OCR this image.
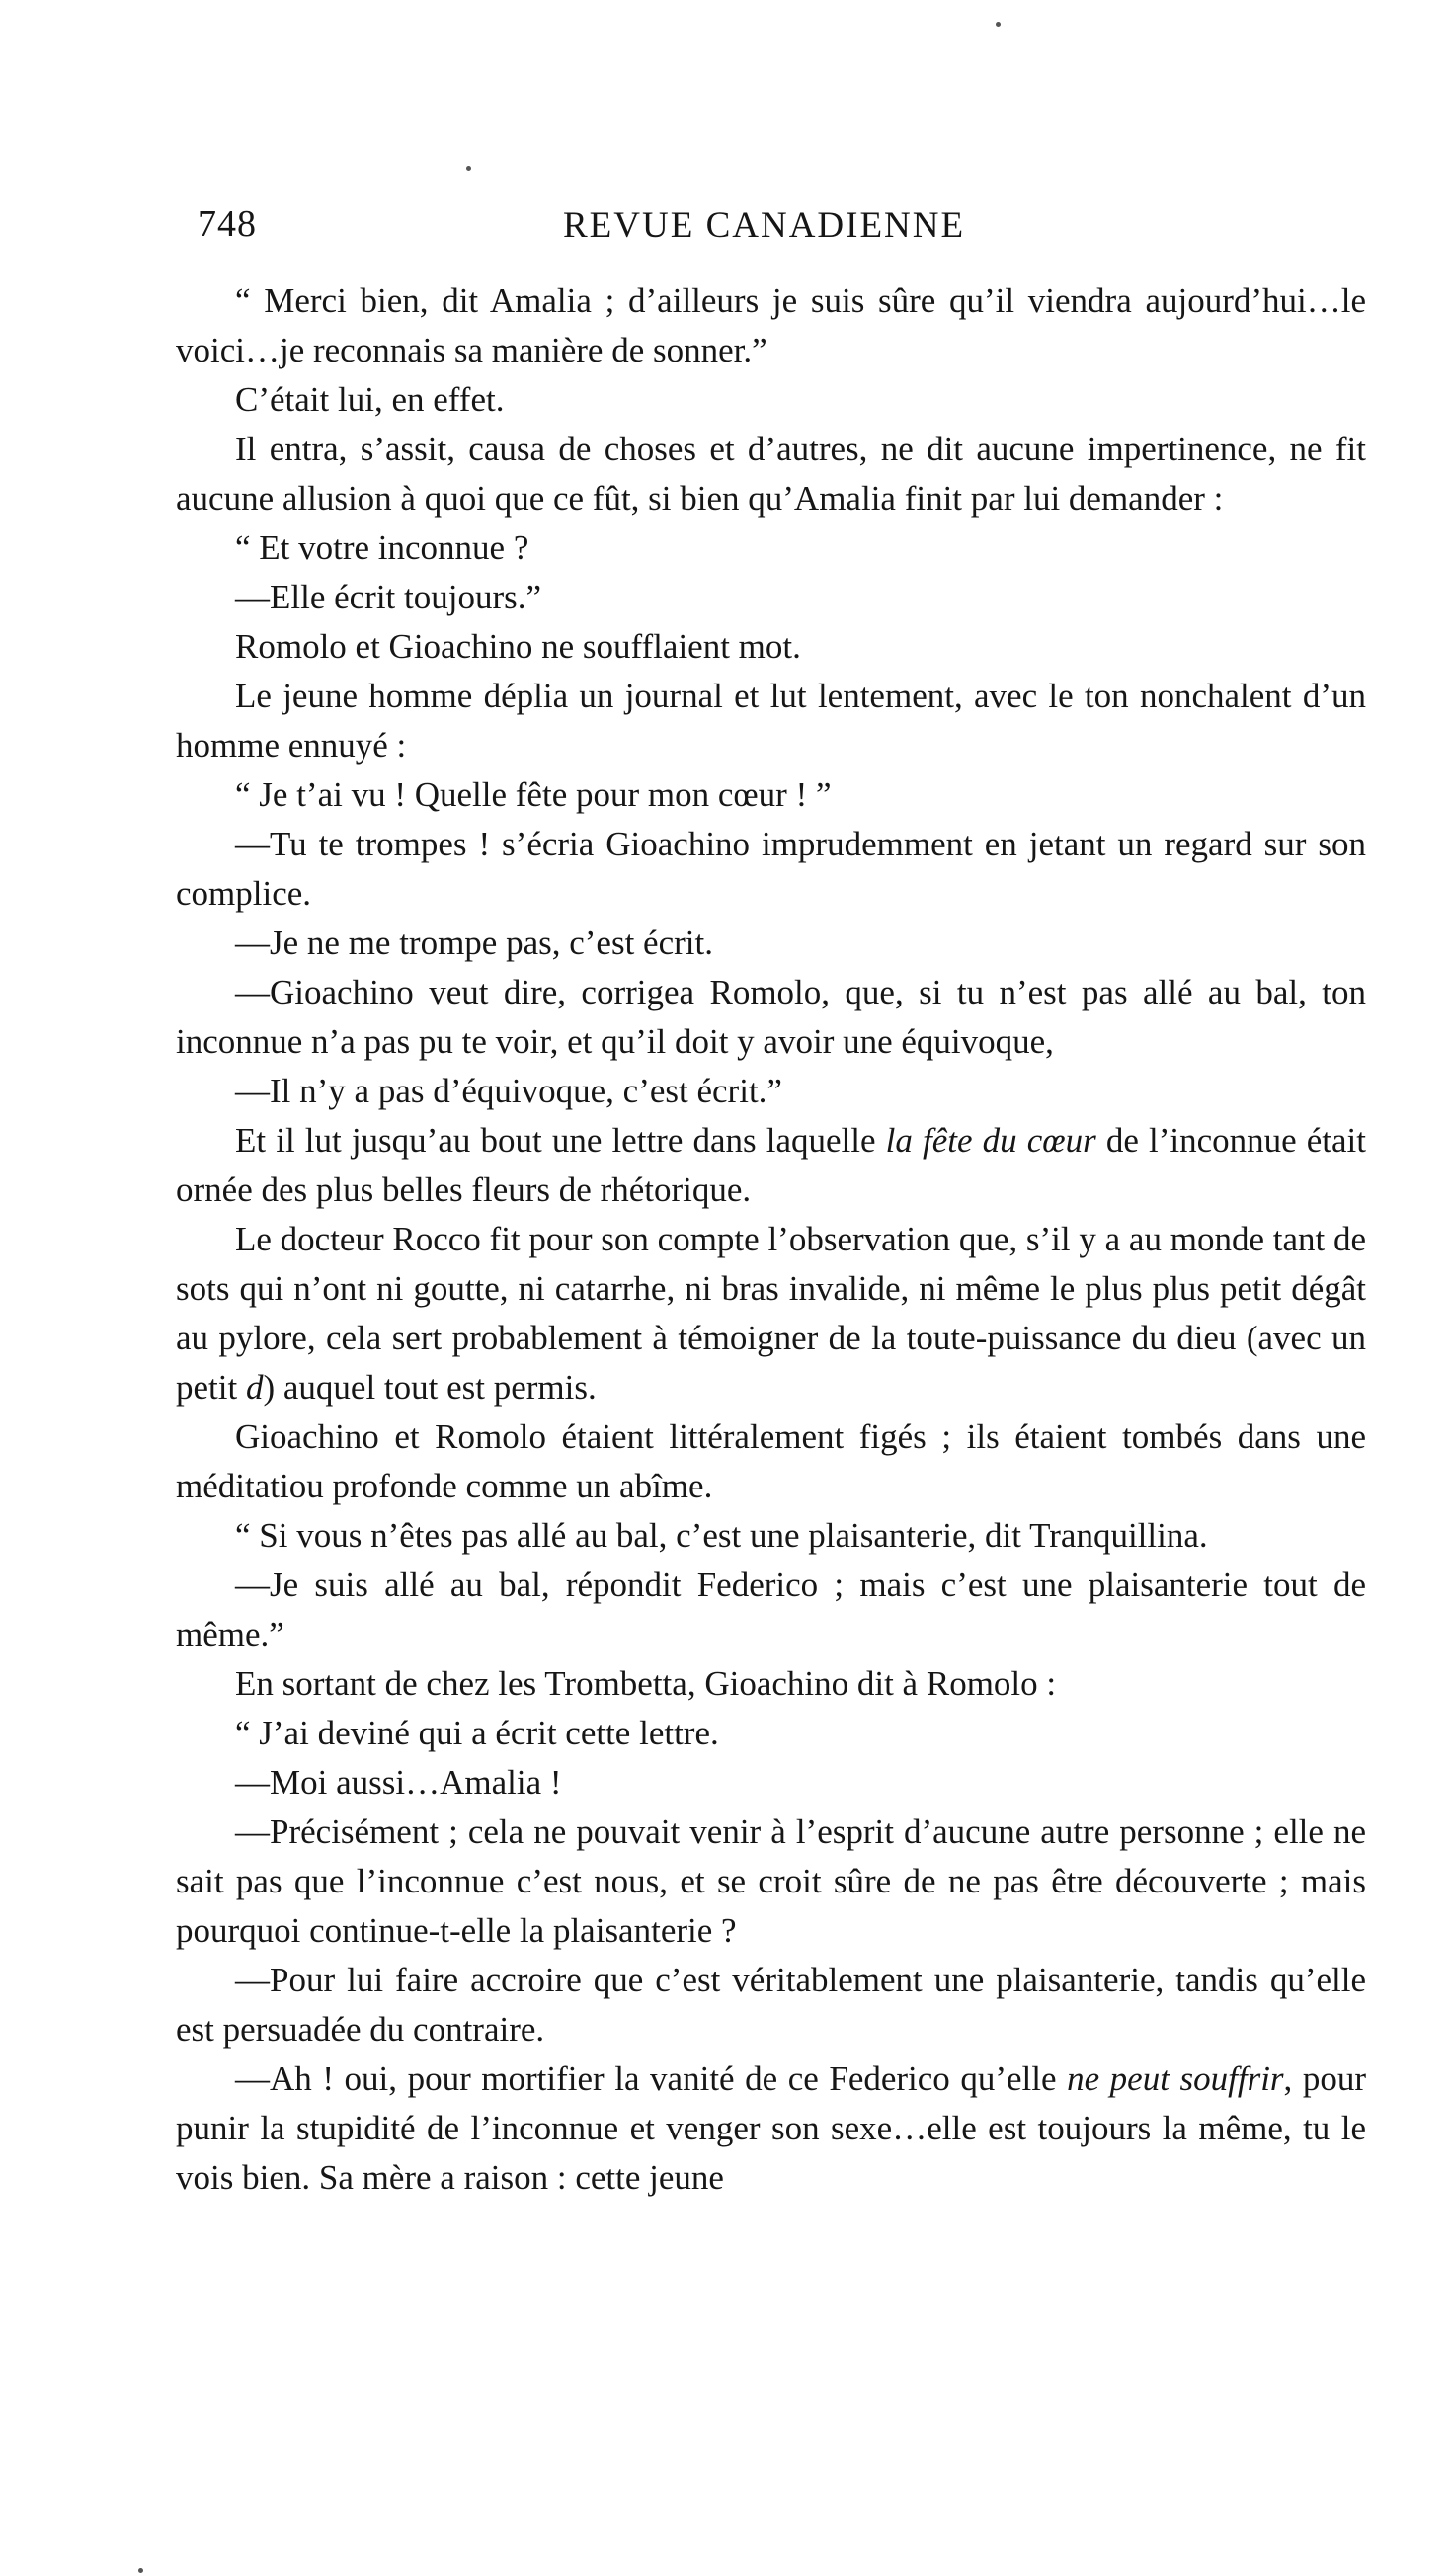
748	REVUE CANADIENNE

“ Merci bien, dit Amalia ; d’ailleurs je suis sûre qu’il viendra aujourd’hui…le voici…je reconnais sa manière de sonner.”

C’était lui, en effet.

Il entra, s’assit, causa de choses et d’autres, ne dit aucune impertinence, ne fit aucune allusion à quoi que ce fût, si bien qu’Amalia finit par lui demander :

“ Et votre inconnue ?

—Elle écrit toujours.”

Romolo et Gioachino ne soufflaient mot.

Le jeune homme déplia un journal et lut lentement, avec le ton nonchalent d’un homme ennuyé :

“ Je t’ai vu ! Quelle fête pour mon cœur ! ”

—Tu te trompes ! s’écria Gioachino imprudemment en jetant un regard sur son complice.

—Je ne me trompe pas, c’est écrit.

—Gioachino veut dire, corrigea Romolo, que, si tu n’est pas allé au bal, ton inconnue n’a pas pu te voir, et qu’il doit y avoir une équivoque,

—Il n’y a pas d’équivoque, c’est écrit.”

Et il lut jusqu’au bout une lettre dans laquelle la fête du cœur de l’inconnue était ornée des plus belles fleurs de rhétorique.

Le docteur Rocco fit pour son compte l’observation que, s’il y a au monde tant de sots qui n’ont ni goutte, ni catarrhe, ni bras invalide, ni même le plus plus petit dégât au pylore, cela sert probablement à témoigner de la toute-puissance du dieu (avec un petit d) auquel tout est permis.

Gioachino et Romolo étaient littéralement figés ; ils étaient tombés dans une méditatiou profonde comme un abîme.

“ Si vous n’êtes pas allé au bal, c’est une plaisanterie, dit Tranquillina.

—Je suis allé au bal, répondit Federico ; mais c’est une plaisanterie tout de même.”

En sortant de chez les Trombetta, Gioachino dit à Romolo :

“ J’ai deviné qui a écrit cette lettre.

—Moi aussi…Amalia !

—Précisément ; cela ne pouvait venir à l’esprit d’aucune autre personne ; elle ne sait pas que l’inconnue c’est nous, et se croit sûre de ne pas être découverte ; mais pourquoi continue-t-elle la plaisanterie ?

—Pour lui faire accroire que c’est véritablement une plaisanterie, tandis qu’elle est persuadée du contraire.

—Ah ! oui, pour mortifier la vanité de ce Federico qu’elle ne peut souffrir, pour punir la stupidité de l’inconnue et venger son sexe…elle est toujours la même, tu le vois bien. Sa mère a raison : cette jeune
